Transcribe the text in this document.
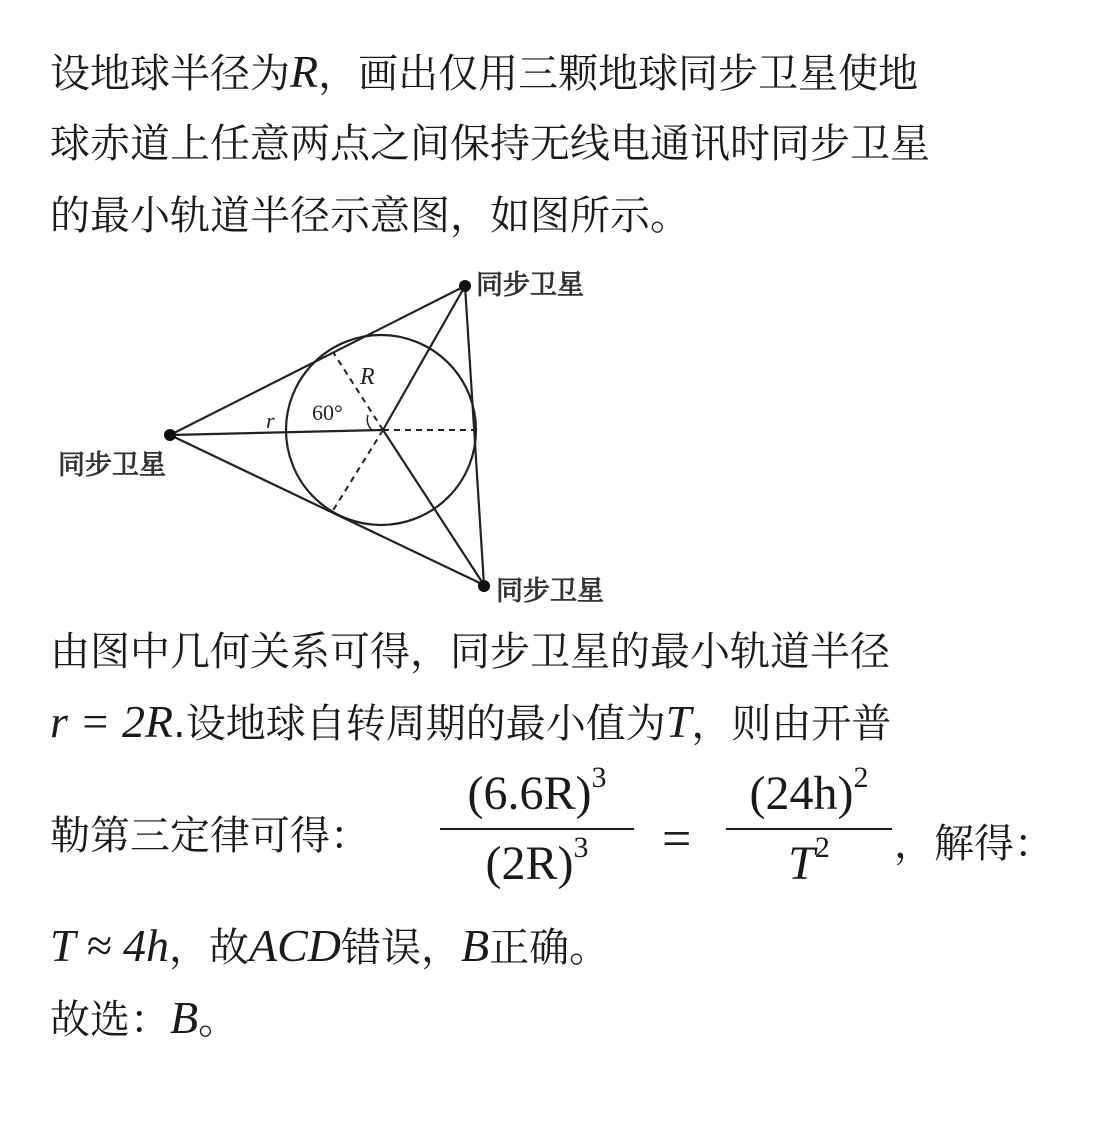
设地球半径为R，画出仅用三颗地球同步卫星使地
球赤道上任意两点之间保持无线电通讯时同步卫星
的最小轨道半径示意图，如图所示。
同步卫星
同步卫星
同步卫星
R
60°
r
由图中几何关系可得，同步卫星的最小轨道半径
r = 2R.设地球自转周期的最小值为T，则由开普
勒第三定律可得：
$(6.6R)^3$
$(2R)^3$	=
$(24h)^2$
$T^2$	，解得：
T ≈ 4h，故ACD错误，B正确。
故选：B。
